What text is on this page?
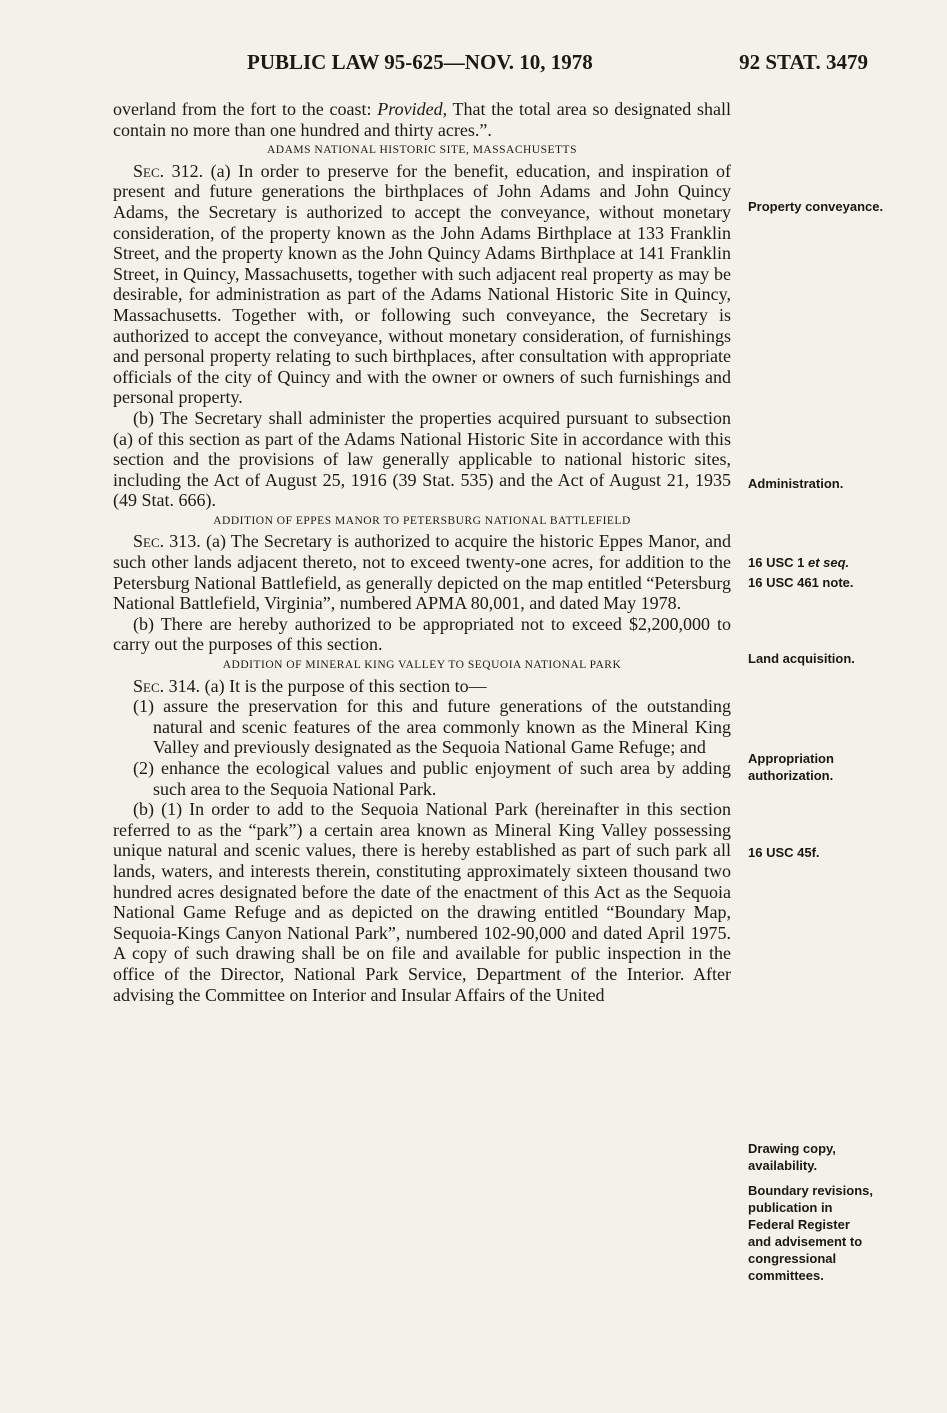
PUBLIC LAW 95-625—NOV. 10, 1978	92 STAT. 3479

overland from the fort to the coast: Provided, That the total area so designated shall contain no more than one hundred and thirty acres.”.

ADAMS NATIONAL HISTORIC SITE, MASSACHUSETTS

Sec. 312. (a) In order to preserve for the benefit, education, and inspiration of present and future generations the birthplaces of John Adams and John Quincy Adams, the Secretary is authorized to accept the conveyance, without monetary consideration, of the property known as the John Adams Birthplace at 133 Franklin Street, and the property known as the John Quincy Adams Birthplace at 141 Franklin Street, in Quincy, Massachusetts, together with such adjacent real property as may be desirable, for administration as part of the Adams National Historic Site in Quincy, Massachusetts. Together with, or following such conveyance, the Secretary is authorized to accept the conveyance, without monetary consideration, of furnishings and personal property relating to such birthplaces, after consultation with appropriate officials of the city of Quincy and with the owner or owners of such furnishings and personal property.

(b) The Secretary shall administer the properties acquired pursuant to subsection (a) of this section as part of the Adams National Historic Site in accordance with this section and the provisions of law generally applicable to national historic sites, including the Act of August 25, 1916 (39 Stat. 535) and the Act of August 21, 1935 (49 Stat. 666).

ADDITION OF EPPES MANOR TO PETERSBURG NATIONAL BATTLEFIELD

Sec. 313. (a) The Secretary is authorized to acquire the historic Eppes Manor, and such other lands adjacent thereto, not to exceed twenty-one acres, for addition to the Petersburg National Battlefield, as generally depicted on the map entitled “Petersburg National Battlefield, Virginia”, numbered APMA 80,001, and dated May 1978.

(b) There are hereby authorized to be appropriated not to exceed $2,200,000 to carry out the purposes of this section.

ADDITION OF MINERAL KING VALLEY TO SEQUOIA NATIONAL PARK

Sec. 314. (a) It is the purpose of this section to—

(1) assure the preservation for this and future generations of the outstanding natural and scenic features of the area commonly known as the Mineral King Valley and previously designated as the Sequoia National Game Refuge; and

(2) enhance the ecological values and public enjoyment of such area by adding such area to the Sequoia National Park.

(b) (1) In order to add to the Sequoia National Park (hereinafter in this section referred to as the “park”) a certain area known as Mineral King Valley possessing unique natural and scenic values, there is hereby established as part of such park all lands, waters, and interests therein, constituting approximately sixteen thousand two hundred acres designated before the date of the enactment of this Act as the Sequoia National Game Refuge and as depicted on the drawing entitled “Boundary Map, Sequoia-Kings Canyon National Park”, numbered 102-90,000 and dated April 1975. A copy of such drawing shall be on file and available for public inspection in the office of the Director, National Park Service, Department of the Interior. After advising the Committee on Interior and Insular Affairs of the United

Property conveyance.
Administration.
16 USC 1 et seq.
16 USC 461 note.
Land acquisition.
Appropriation authorization.
16 USC 45f.
Drawing copy, availability.
Boundary revisions, publication in Federal Register and advisement to congressional committees.
